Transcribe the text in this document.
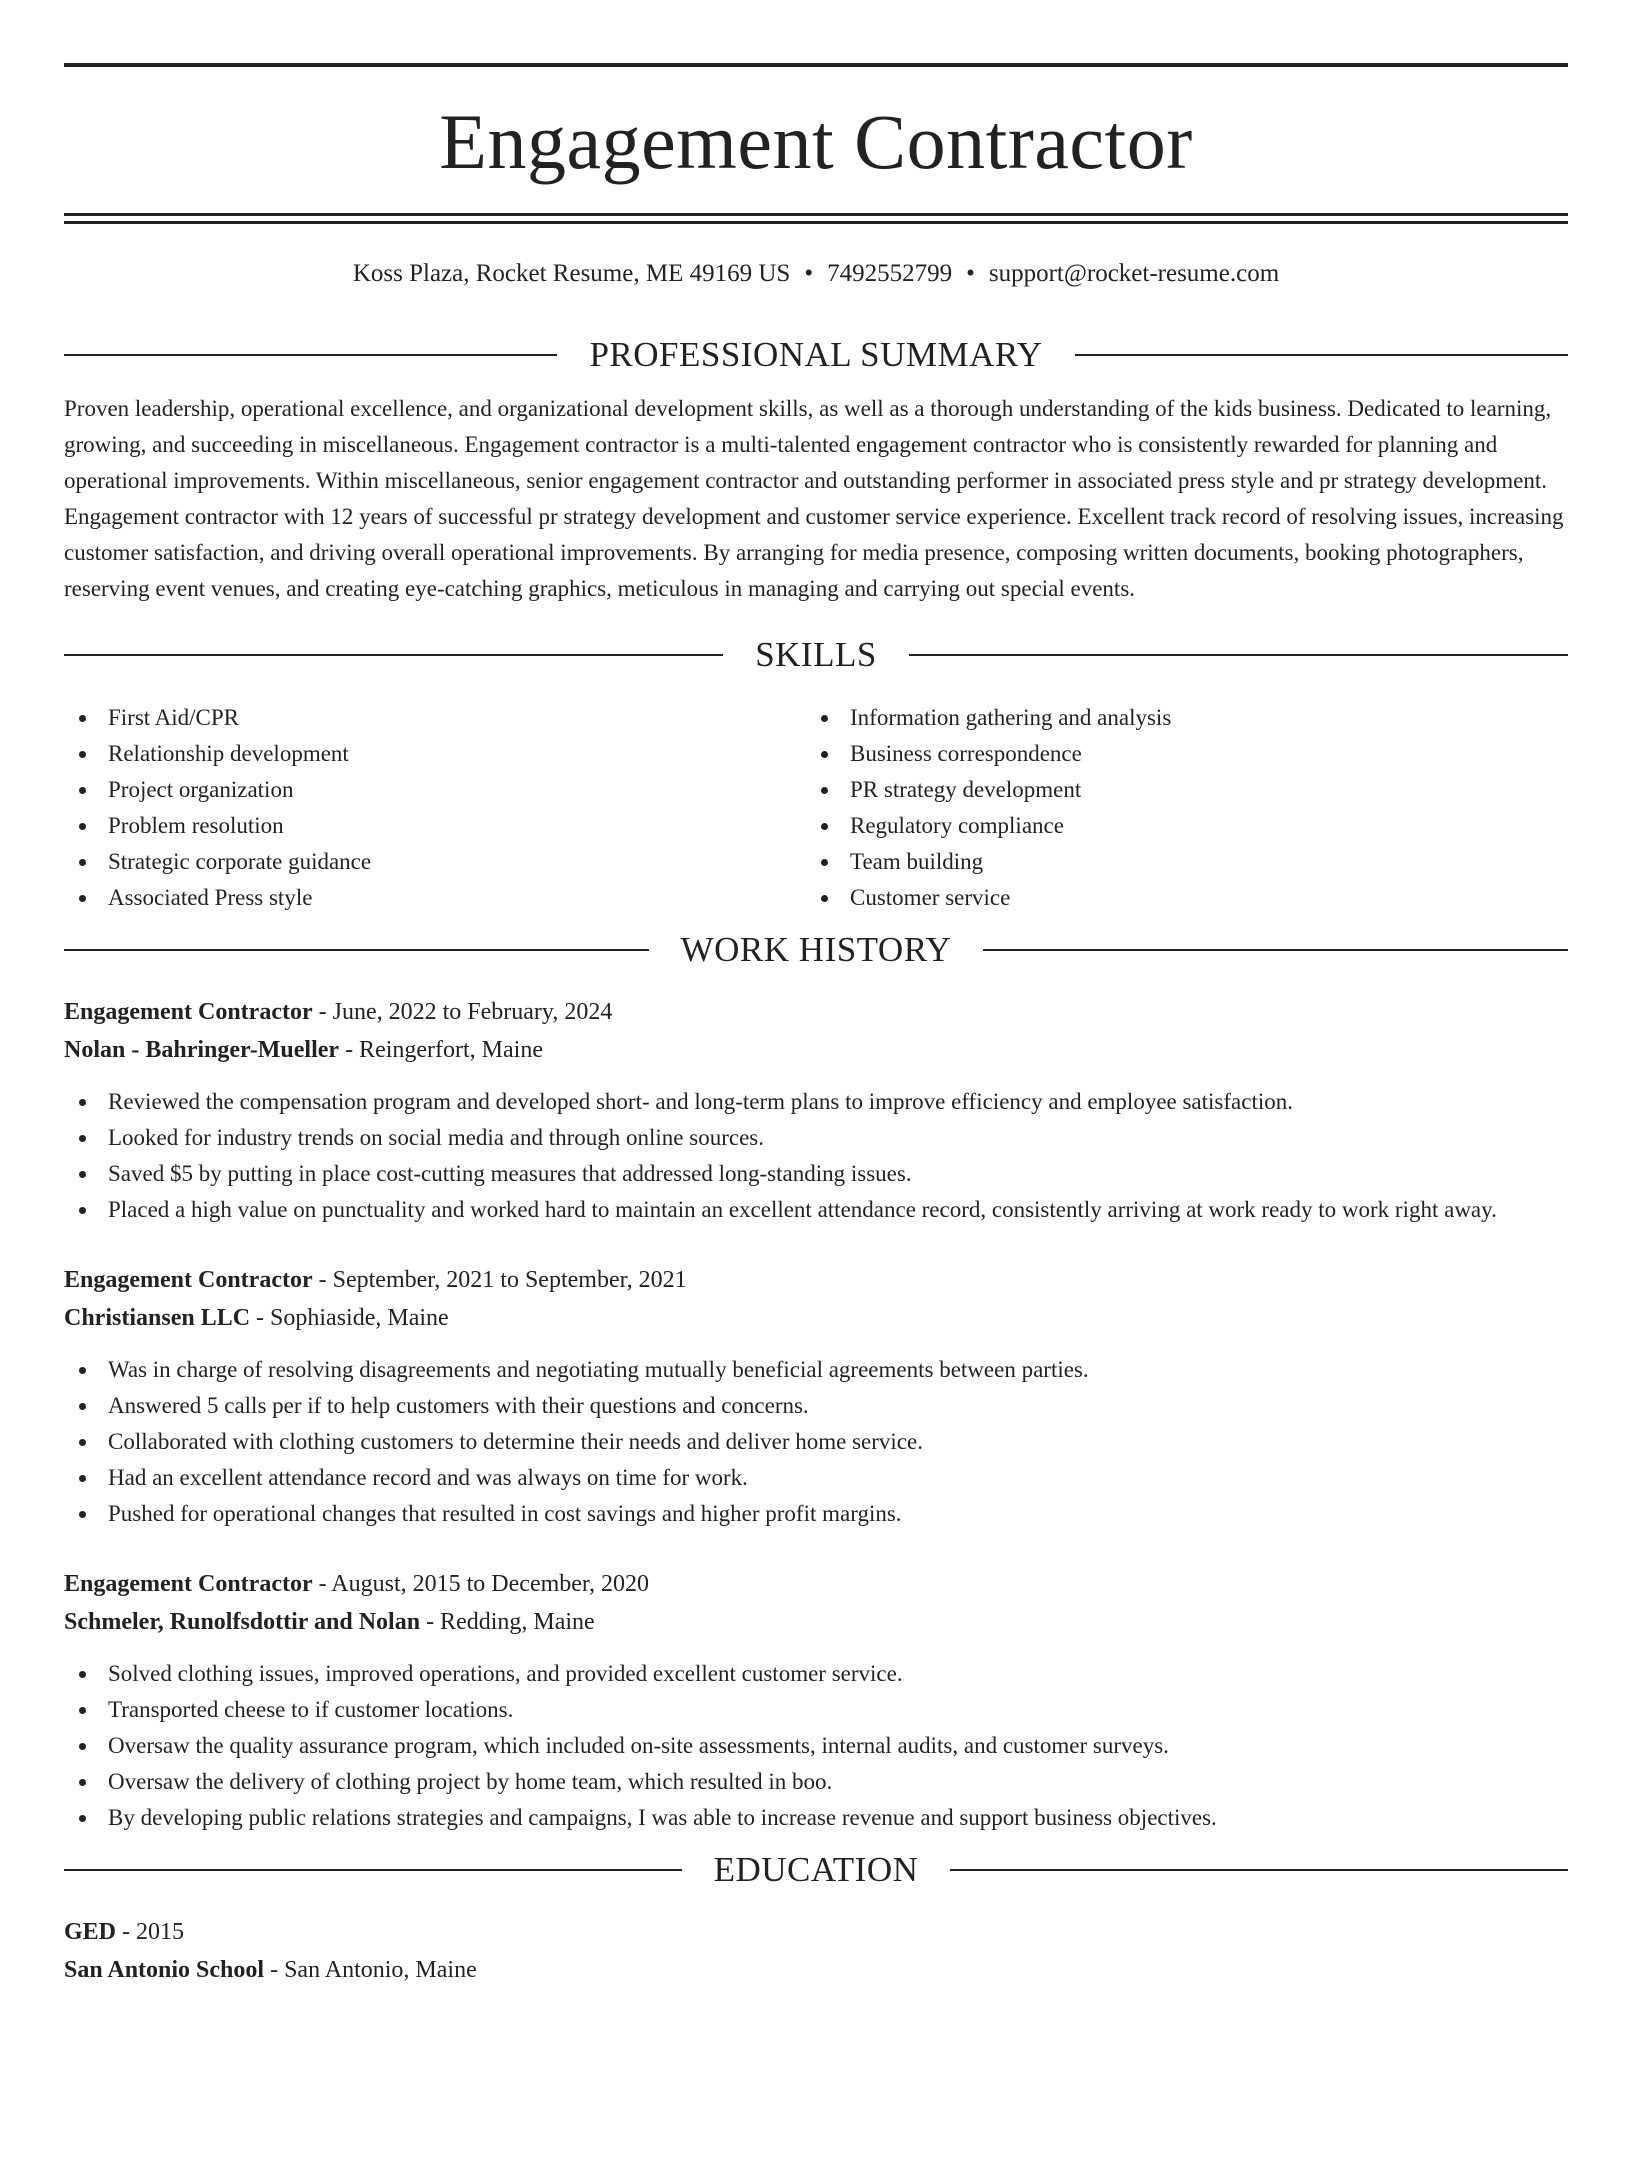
Engagement Contractor
Koss Plaza, Rocket Resume, ME 49169 US • 7492552799 • support@rocket-resume.com
PROFESSIONAL SUMMARY

Proven leadership, operational excellence, and organizational development skills, as well as a thorough understanding of the kids business. Dedicated to learning, growing, and succeeding in miscellaneous. Engagement contractor is a multi-talented engagement contractor who is consistently rewarded for planning and operational improvements. Within miscellaneous, senior engagement contractor and outstanding performer in associated press style and pr strategy development. Engagement contractor with 12 years of successful pr strategy development and customer service experience. Excellent track record of resolving issues, increasing customer satisfaction, and driving overall operational improvements. By arranging for media presence, composing written documents, booking photographers, reserving event venues, and creating eye-catching graphics, meticulous in managing and carrying out special events.

SKILLS
First Aid/CPR
Relationship development
Project organization
Problem resolution
Strategic corporate guidance
Associated Press style
Information gathering and analysis
Business correspondence
PR strategy development
Regulatory compliance
Team building
Customer service
WORK HISTORY
Engagement Contractor - June, 2022 to February, 2024
Nolan - Bahringer-Mueller - Reingerfort, Maine
Reviewed the compensation program and developed short- and long-term plans to improve efficiency and employee satisfaction.
Looked for industry trends on social media and through online sources.
Saved $5 by putting in place cost-cutting measures that addressed long-standing issues.
Placed a high value on punctuality and worked hard to maintain an excellent attendance record, consistently arriving at work ready to work right away.
Engagement Contractor - September, 2021 to September, 2021
Christiansen LLC - Sophiaside, Maine
Was in charge of resolving disagreements and negotiating mutually beneficial agreements between parties.
Answered 5 calls per if to help customers with their questions and concerns.
Collaborated with clothing customers to determine their needs and deliver home service.
Had an excellent attendance record and was always on time for work.
Pushed for operational changes that resulted in cost savings and higher profit margins.
Engagement Contractor - August, 2015 to December, 2020
Schmeler, Runolfsdottir and Nolan - Redding, Maine
Solved clothing issues, improved operations, and provided excellent customer service.
Transported cheese to if customer locations.
Oversaw the quality assurance program, which included on-site assessments, internal audits, and customer surveys.
Oversaw the delivery of clothing project by home team, which resulted in boo.
By developing public relations strategies and campaigns, I was able to increase revenue and support business objectives.
EDUCATION
GED - 2015
San Antonio School - San Antonio, Maine
